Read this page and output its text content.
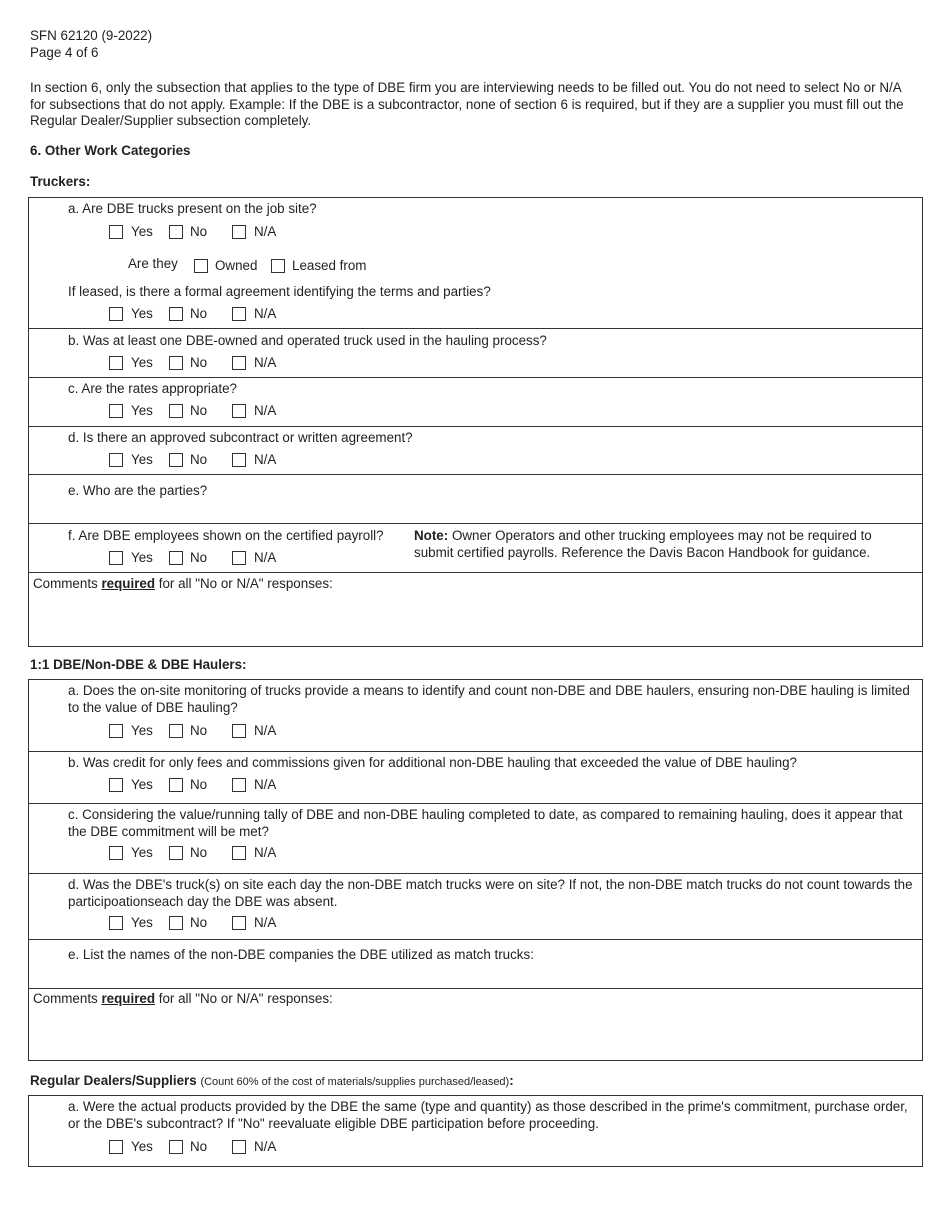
SFN 62120 (9-2022)
Page 4 of 6
In section 6, only the subsection that applies to the type of DBE firm you are interviewing needs to be filled out. You do not need to select No or N/A for subsections that do not apply. Example: If the DBE is a subcontractor, none of section 6 is required, but if they are a supplier you must fill out the Regular Dealer/Supplier subsection completely.
6. Other Work Categories
Truckers:
a. Are DBE trucks present on the job site?
Yes	No	N/A
Are they	Owned	Leased from
If leased, is there a formal agreement identifying the terms and parties?
Yes	No	N/A
b. Was at least one DBE-owned and operated truck used in the hauling process?
Yes	No	N/A
c. Are the rates appropriate?
Yes	No	N/A
d. Is there an approved subcontract or written agreement?
Yes	No	N/A
e. Who are the parties?
f. Are DBE employees shown on the certified payroll?
Yes	No	N/A
Note: Owner Operators and other trucking employees may not be required to submit certified payrolls. Reference the Davis Bacon Handbook for guidance.
Comments required for all "No or N/A" responses:
1:1 DBE/Non-DBE & DBE Haulers:
a. Does the on-site monitoring of trucks provide a means to identify and count non-DBE and DBE haulers, ensuring non-DBE hauling is limited to the value of DBE hauling?
Yes	No	N/A
b. Was credit for only fees and commissions given for additional non-DBE hauling that exceeded the value of DBE hauling?
Yes	No	N/A
c. Considering the value/running tally of DBE and non-DBE hauling completed to date, as compared to remaining hauling, does it appear that the DBE commitment will be met?
Yes	No	N/A
d. Was the DBE's truck(s) on site each day the non-DBE match trucks were on site? If not, the non-DBE match trucks do not count towards the participoationseach day the DBE was absent.
Yes	No	N/A
e. List the names of the non-DBE companies the DBE utilized as match trucks:
Comments required for all "No or N/A" responses:
Regular Dealers/Suppliers (Count 60% of the cost of materials/supplies purchased/leased):
a. Were the actual products provided by the DBE the same (type and quantity) as those described in the prime's commitment, purchase order, or the DBE's subcontract? If "No" reevaluate eligible DBE participation before proceeding.
Yes	No	N/A
